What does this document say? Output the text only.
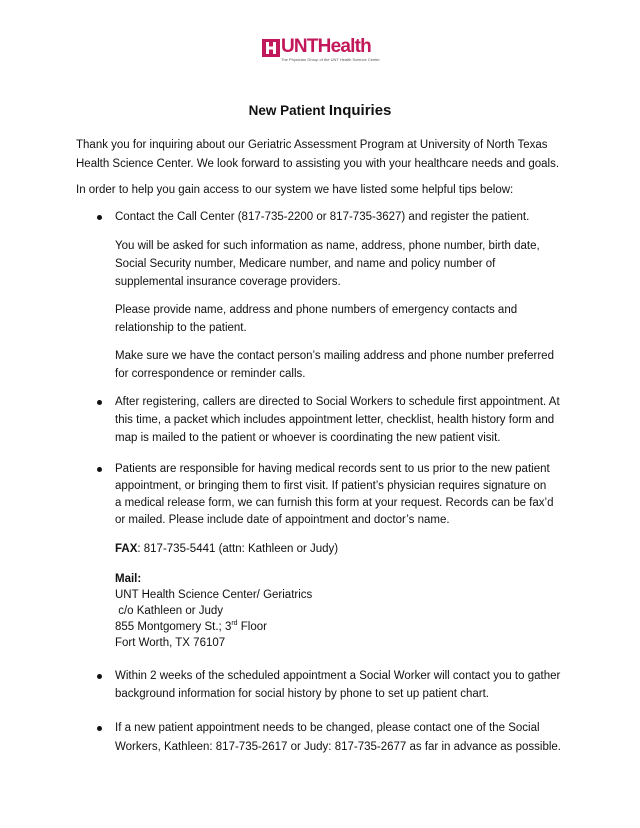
UNTHealth
The Physician Group of the UNT Health Science Center
New Patient Inquiries
Thank you for inquiring about our Geriatric Assessment Program at University of North Texas
Health Science Center. We look forward to assisting you with your healthcare needs and goals.
In order to help you gain access to our system we have listed some helpful tips below:
Contact the Call Center (817-735-2200 or 817-735-3627) and register the patient.
You will be asked for such information as name, address, phone number, birth date,
Social Security number, Medicare number, and name and policy number of
supplemental insurance coverage providers.
Please provide name, address and phone numbers of emergency contacts and
relationship to the patient.
Make sure we have the contact person’s mailing address and phone number preferred
for correspondence or reminder calls.
After registering, callers are directed to Social Workers to schedule first appointment. At
this time, a packet which includes appointment letter, checklist, health history form and
map is mailed to the patient or whoever is coordinating the new patient visit.
Patients are responsible for having medical records sent to us prior to the new patient
appointment, or bringing them to first visit. If patient’s physician requires signature on
a medical release form, we can furnish this form at your request. Records can be fax’d
or mailed. Please include date of appointment and doctor’s name.
FAX: 817-735-5441 (attn: Kathleen or Judy)
Mail:
UNT Health Science Center/ Geriatrics
c/o Kathleen or Judy
855 Montgomery St.; 3rd Floor
Fort Worth, TX 76107
Within 2 weeks of the scheduled appointment a Social Worker will contact you to gather
background information for social history by phone to set up patient chart.
If a new patient appointment needs to be changed, please contact one of the Social
Workers, Kathleen: 817-735-2617 or Judy: 817-735-2677 as far in advance as possible.
